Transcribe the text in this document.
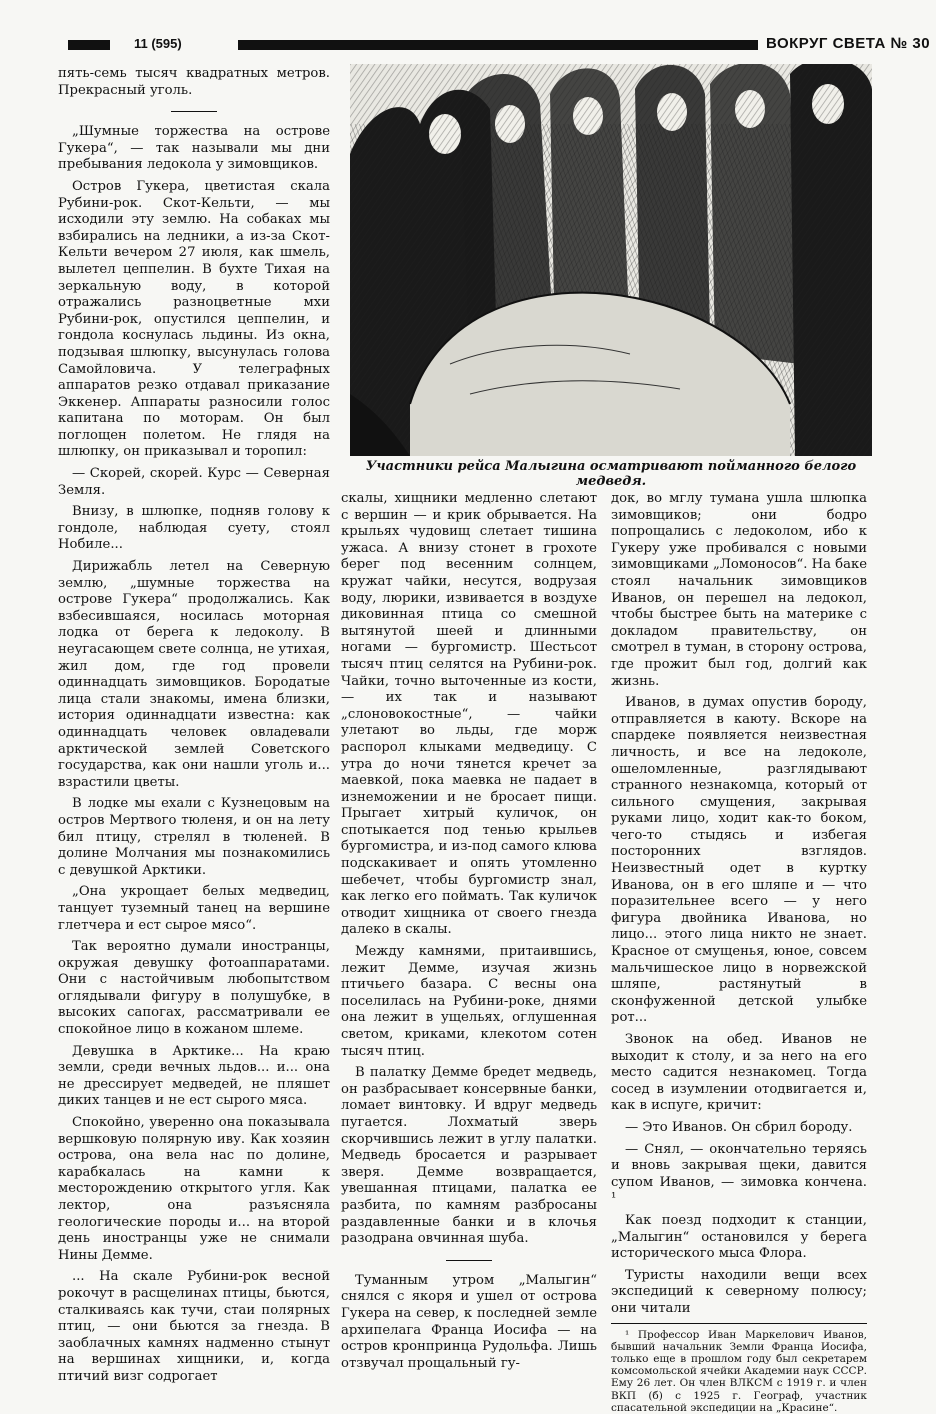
11 (595)	ВОКРУГ СВЕТА № 30

пять-семь тысяч квадратных метров. Прекрасный уголь.

„Шумные торжества на острове Гукера“, — так называли мы дни пребывания ледокола у зимовщиков.

Остров Гукера, цветистая скала Рубини-рок. Скот-Кельти, — мы исходили эту землю. На собаках мы взбирались на ледники, а из-за Скот-Кельти вечером 27 июля, как шмель, вылетел цеппелин. В бухте Тихая на зеркальную воду, в которой отражались разноцветные мхи Рубини-рок, опустился цеппелин, и гондола коснулась льдины. Из окна, подзывая шлюпку, высунулась голова Самойловича. У телеграфных аппаратов резко отдавал приказание Эккенер. Аппараты разносили голос капитана по моторам. Он был поглощен полетом. Не глядя на шлюпку, он приказывал и торопил:

— Скорей, скорей. Курс — Северная Земля.

Внизу, в шлюпке, подняв голову к гондоле, наблюдая суету, стоял Нобиле...

Дирижабль летел на Северную землю, „шумные торжества на острове Гукера“ продолжались. Как взбесившаяся, носилась моторная лодка от берега к ледоколу. В неугасающем свете солнца, не утихая, жил дом, где год провели одиннадцать зимовщиков. Бородатые лица стали знакомы, имена близки, история одиннадцати известна: как одиннадцать человек овладевали арктической землей Советского государства, как они нашли уголь и... взрастили цветы.

В лодке мы ехали с Кузнецовым на остров Мертвого тюленя, и он на лету бил птицу, стрелял в тюленей. В долине Молчания мы познакомились с девушкой Арктики.

„Она укрощает белых медведиц, танцует туземный танец на вершине глетчера и ест сырое мясо“.

Так вероятно думали иностранцы, окружая девушку фотоаппаратами. Они с настойчивым любопытством оглядывали фигуру в полушубке, в высоких сапогах, рассматривали ее спокойное лицо в кожаном шлеме.

Девушка в Арктике... На краю земли, среди вечных льдов... и... она не дрессирует медведей, не пляшет диких танцев и не ест сырого мяса.

Спокойно, уверенно она показывала вершковую полярную иву. Как хозяин острова, она вела нас по долине, карабкалась на камни к месторождению открытого угля. Как лектор, она разъясняла геологические породы и... на второй день иностранцы уже не снимали Нины Демме.

... На скале Рубини-рок весной рокочут в расщелинах птицы, бьются, сталкиваясь как тучи, стаи полярных птиц, — они бьются за гнезда. В заоблачных камнях надменно стынут на вершинах хищники, и, когда птичий визг содрогает

Участники рейса Малыгина осматривают пойманного белого медведя.

скалы, хищники медленно слетают с вершин — и крик обрывается. На крыльях чудовищ слетает тишина ужаса. А внизу стонет в грохоте берег под весенним солнцем, кружат чайки, несутся, водрузая воду, люрики, извивается в воздухе диковинная птица со смешной вытянутой шеей и длинными ногами — бургомистр. Шестьсот тысяч птиц селятся на Рубини-рок. Чайки, точно выточенные из кости, — их так и называют „слоновокостные“, — чайки улетают во льды, где морж распорол клыками медведицу. С утра до ночи тянется кречет за маевкой, пока маевка не падает в изнеможении и не бросает пищи. Прыгает хитрый куличок, он спотыкается под тенью крыльев бургомистра, и из-под самого клюва подскакивает и опять утомленно шебечет, чтобы бургомистр знал, как легко его поймать. Так куличок отводит хищника от своего гнезда далеко в скалы.

Между камнями, притаившись, лежит Демме, изучая жизнь птичьего базара. С весны она поселилась на Рубини-роке, днями она лежит в ущельях, оглушенная светом, криками, клекотом сотен тысяч птиц.

В палатку Демме бредет медведь, он разбрасывает консервные банки, ломает винтовку. И вдруг медведь пугается. Лохматый зверь скорчившись лежит в углу палатки. Медведь бросается и разрывает зверя. Демме возвращается, увешанная птицами, палатка ее разбита, по камням разбросаны раздавленные банки и в клочья разодрана овчинная шуба.

Туманным утром „Малыгин“ снялся с якоря и ушел от острова Гукера на север, к последней земле архипелага Франца Иосифа — на остров кронпринца Рудольфа. Лишь отзвучал прощальный гу-

док, во мглу тумана ушла шлюпка зимовщиков; они бодро попрощались с ледоколом, ибо к Гукеру уже пробивался с новыми зимовщиками „Ломоносов“. На баке стоял начальник зимовщиков Иванов, он перешел на ледокол, чтобы быстрее быть на материке с докладом правительству, он смотрел в туман, в сторону острова, где прожит был год, долгий как жизнь.

Иванов, в думах опустив бороду, отправляется в каюту. Вскоре на спардеке появляется неизвестная личность, и все на ледоколе, ошеломленные, разглядывают странного незнакомца, который от сильного смущения, закрывая руками лицо, ходит как-то боком, чего-то стыдясь и избегая посторонних взглядов. Неизвестный одет в куртку Иванова, он в его шляпе и — что поразительнее всего — у него фигура двойника Иванова, но лицо... этого лица никто не знает. Красное от смущенья, юное, совсем мальчишеское лицо в норвежской шляпе, растянутый в сконфуженной детской улыбке рот...

Звонок на обед. Иванов не выходит к столу, и за него на его место садится незнакомец. Тогда сосед в изумлении отодвигается и, как в испуге, кричит:

— Это Иванов. Он сбрил бороду.

— Снял, — окончательно теряясь и вновь закрывая щеки, давится супом Иванов, — зимовка кончена. ¹

Как поезд подходит к станции, „Малыгин“ остановился у берега исторического мыса Флора.

Туристы находили вещи всех экспедиций к северному полюсу; они читали

¹ Профессор Иван Маркелович Иванов, бывший начальник Земли Франца Иосифа, только еще в прошлом году был секретарем комсомольской ячейки Академии наук СССР. Ему 26 лет. Он член ВЛКСМ с 1919 г. и член ВКП (б) с 1925 г. Географ, участник спасательной экспедиции на „Красине“.
